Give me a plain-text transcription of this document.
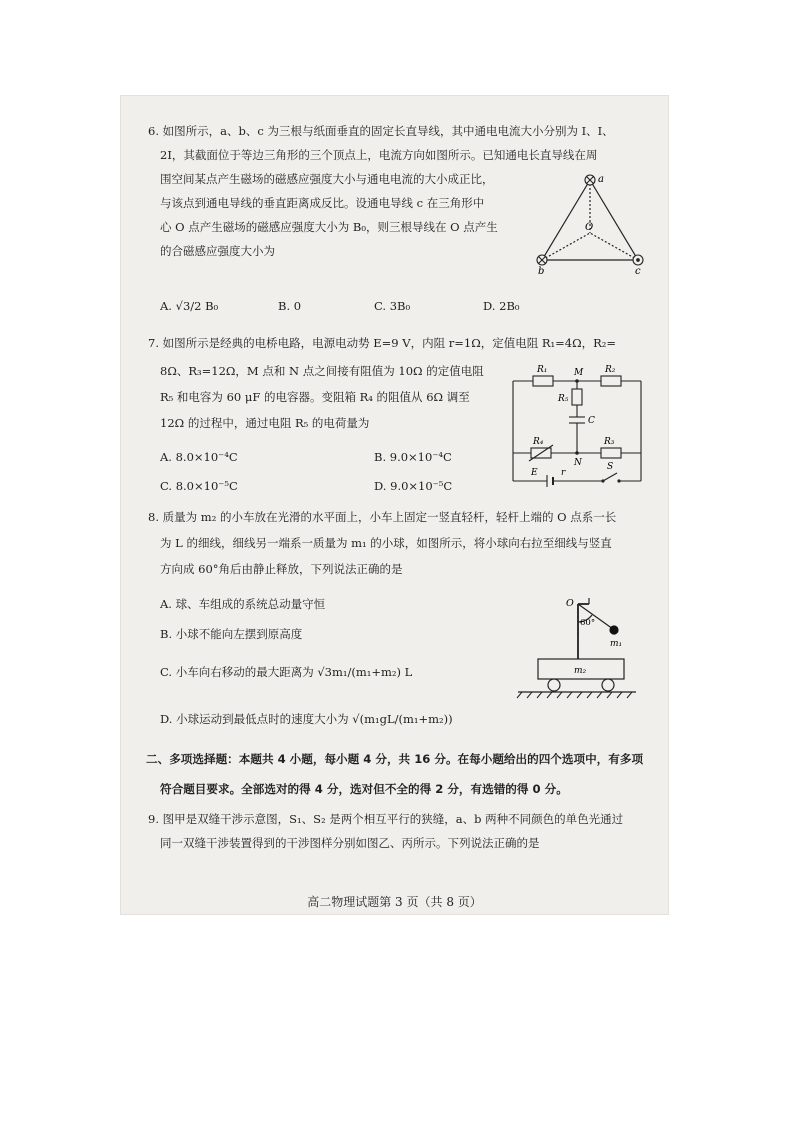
6. 如图所示，a、b、c 为三根与纸面垂直的固定长直导线，其中通电电流大小分别为 I、I、
2I，其截面位于等边三角形的三个顶点上，电流方向如图所示。已知通电长直导线在周
围空间某点产生磁场的磁感应强度大小与通电电流的大小成正比，
与该点到通电导线的垂直距离成反比。设通电导线 c 在三角形中
心 O 点产生磁场的磁感应强度大小为 B₀，则三根导线在 O 点产生
的合磁感应强度大小为
A. √3/2 B₀	B. 0	C. 3B₀	D. 2B₀
a
b	c
O
7. 如图所示是经典的电桥电路，电源电动势 E=9 V，内阻 r=1Ω，定值电阻 R₁=4Ω，R₂=
8Ω、R₃=12Ω，M 点和 N 点之间接有阻值为 10Ω 的定值电阻
R₅ 和电容为 60 μF 的电容器。变阻箱 R₄ 的阻值从 6Ω 调至
12Ω 的过程中，通过电阻 R₅ 的电荷量为
A. 8.0×10⁻⁴C	B. 9.0×10⁻⁴C
C. 8.0×10⁻⁵C	D. 9.0×10⁻⁵C
R₁	M R₂
R₅
C
R₄	R₃
N
E	r
S
8. 质量为 m₂ 的小车放在光滑的水平面上，小车上固定一竖直轻杆，轻杆上端的 O 点系一长
为 L 的细线，细线另一端系一质量为 m₁ 的小球，如图所示，将小球向右拉至细线与竖直
方向成 60°角后由静止释放，下列说法正确的是
A. 球、车组成的系统总动量守恒
B. 小球不能向左摆到原高度
C. 小车向右移动的最大距离为 √3m₁/(m₁+m₂) L
D. 小球运动到最低点时的速度大小为 √(m₁gL/(m₁+m₂))
O
60°
m₁
m₂
二、多项选择题：本题共 4 小题，每小题 4 分，共 16 分。在每小题给出的四个选项中，有多项
符合题目要求。全部选对的得 4 分，选对但不全的得 2 分，有选错的得 0 分。
9. 图甲是双缝干涉示意图，S₁、S₂ 是两个相互平行的狭缝，a、b 两种不同颜色的单色光通过
同一双缝干涉装置得到的干涉图样分别如图乙、丙所示。下列说法正确的是
高二物理试题第 3 页（共 8 页）
